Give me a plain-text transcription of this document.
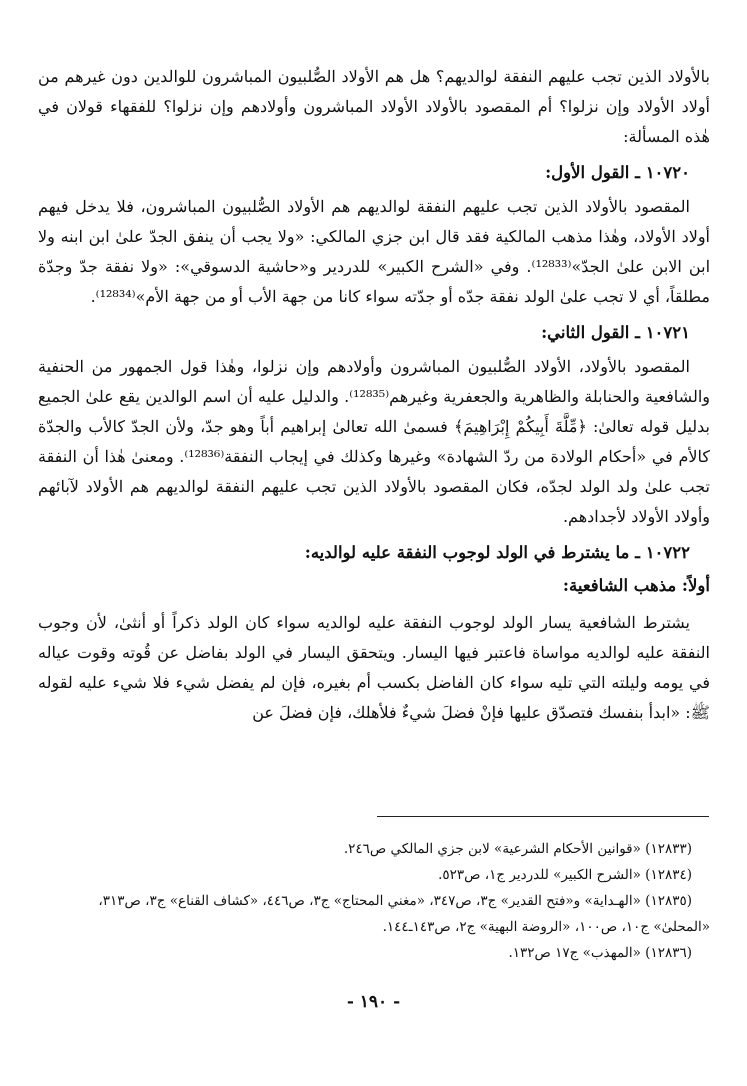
بالأولاد الذين تجب عليهم النفقة لوالديهم؟ هل هم الأولاد الصُّلبيون المباشرون للوالدين دون غيرهم من أولاد الأولاد وإن نزلوا؟ أم المقصود بالأولاد الأولاد المباشرون وأولادهم وإن نزلوا؟ للفقهاء قولان في هٰذه المسألة:

١٠٧٢٠ ـ القول الأول:

المقصود بالأولاد الذين تجب عليهم النفقة لوالديهم هم الأولاد الصُّلبيون المباشرون، فلا يدخل فيهم أولاد الأولاد، وهٰذا مذهب المالكية فقد قال ابن جزي المالكي: «ولا يجب أن ينفق الجدّ علىٰ ابن ابنه ولا ابن الابن علىٰ الجدّ»⁽¹²⁸³³⁾. وفي «الشرح الكبير» للدردير و«حاشية الدسوقي»: «ولا نفقة جدّ وجدّة مطلقاً، أي لا تجب علىٰ الولد نفقة جدّه أو جدّته سواء كانا من جهة الأب أو من جهة الأم»⁽¹²⁸³⁴⁾.

١٠٧٢١ ـ القول الثاني:

المقصود بالأولاد، الأولاد الصُّلبيون المباشرون وأولادهم وإن نزلوا، وهٰذا قول الجمهور من الحنفية والشافعية والحنابلة والظاهرية والجعفرية وغيرهم⁽¹²⁸³⁵⁾. والدليل عليه أن اسم الوالدين يقع علىٰ الجميع بدليل قوله تعالىٰ: ﴿مِّلَّةَ أَبِيكُمْ إِبْرَاهِيمَ﴾ فسمىٰ الله تعالىٰ إبراهيم أباً وهو جدّ، ولأن الجدّ كالأب والجدّة كالأم في «أحكام الولادة من ردّ الشهادة» وغيرها وكذلك في إيجاب النفقة⁽¹²⁸³⁶⁾. ومعنىٰ هٰذا أن النفقة تجب علىٰ ولد الولد لجدّه، فكان المقصود بالأولاد الذين تجب عليهم النفقة لوالديهم هم الأولاد لآبائهم وأولاد الأولاد لأجدادهم.

١٠٧٢٢ ـ ما يشترط في الولد لوجوب النفقة عليه لوالديه:
أولاً: مذهب الشافعية:

يشترط الشافعية يسار الولد لوجوب النفقة عليه لوالديه سواء كان الولد ذكراً أو أنثىٰ، لأن وجوب النفقة عليه لوالديه مواساة فاعتبر فيها اليسار. ويتحقق اليسار في الولد بفاضل عن قُوته وقوت عياله في يومه وليلته التي تليه سواء كان الفاضل بكسب أم بغيره، فإن لم يفضل شيء فلا شيء عليه لقوله ﷺ: «ابدأ بنفسك فتصدّق عليها فإنْ فضلَ شيءٌ فلأهلك، فإن فضلَ عن

(١٢٨٣٣) «قوانين الأحكام الشرعية» لابن جزي المالكي ص٢٤٦.

(١٢٨٣٤) «الشرح الكبير» للدردير ج١، ص٥٢٣.

(١٢٨٣٥) «الهـداية» و«فتح القدير» ج٣، ص٣٤٧، «مغني المحتاج» ج٣، ص٤٤٦، «كشاف القناع» ج٣، ص٣١٣، «المحلىٰ» ج١٠، ص١٠٠، «الروضة البهية» ج٢، ص١٤٣ـ١٤٤.

(١٢٨٣٦) «المهذب» ج١٧ ص١٣٢.

- ١٩٠ -
